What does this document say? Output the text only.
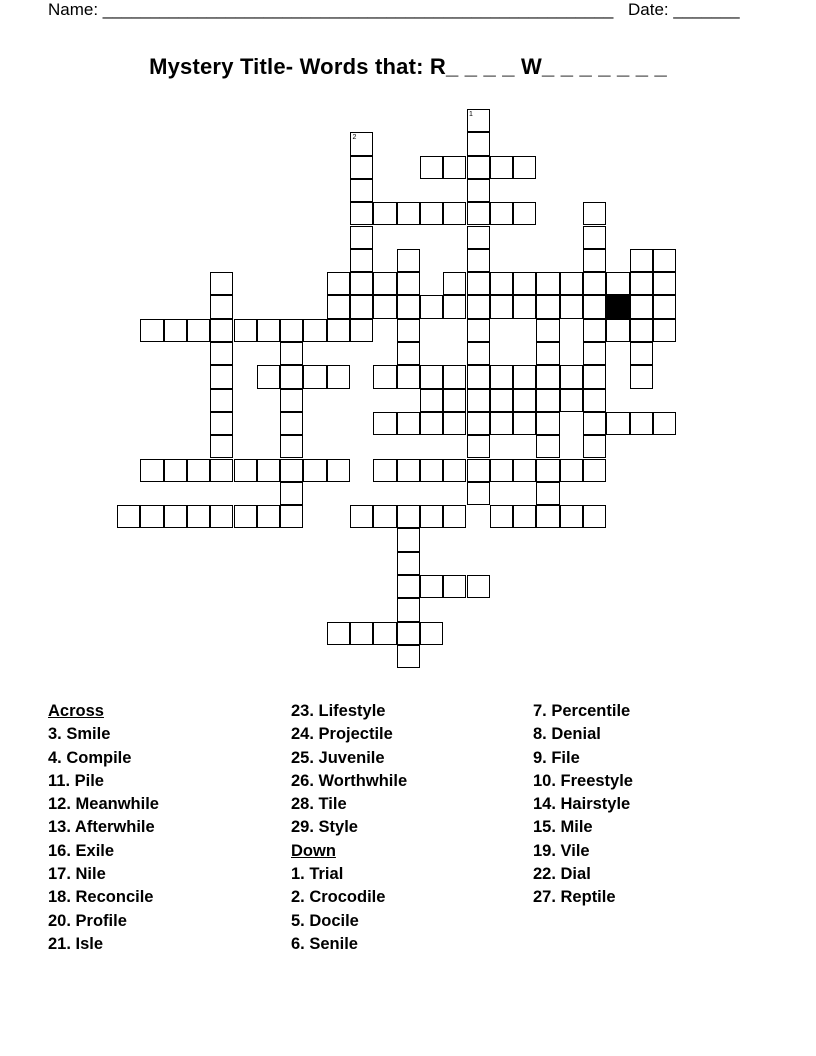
Name: ______________________________________________________ Date: _______
Mystery Title- Words that: R_ _ _ _ W_ _ _ _ _ _ _
1
2
Across
3. Smile
4. Compile
11. Pile
12. Meanwhile
13. Afterwhile
16. Exile
17. Nile
18. Reconcile
20. Profile
21. Isle
23. Lifestyle
24. Projectile
25. Juvenile
26. Worthwhile
28. Tile
29. Style
Down
1. Trial
2. Crocodile
5. Docile
6. Senile
7. Percentile
8. Denial
9. File
10. Freestyle
14. Hairstyle
15. Mile
19. Vile
22. Dial
27. Reptile
